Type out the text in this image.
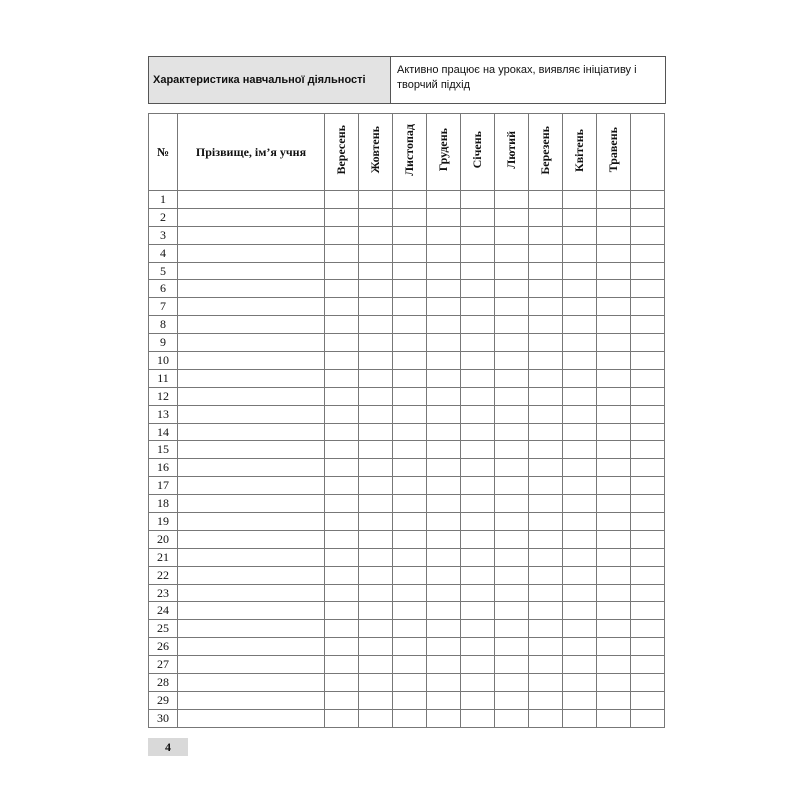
Характеристика навчальної діяльності
Активно працює на уроках, виявляє ініціативу і творчий підхід
№	Прізвище, ім’я учня	Вересень	Жовтень	Листопад	Грудень	Січень	Лютий	Березень	Квітень	Травень	
1											
2											
3											
4											
5											
6											
7											
8											
9											
10											
11											
12											
13											
14											
15											
16											
17											
18											
19											
20											
21											
22											
23											
24											
25											
26											
27											
28											
29											
30											
4
